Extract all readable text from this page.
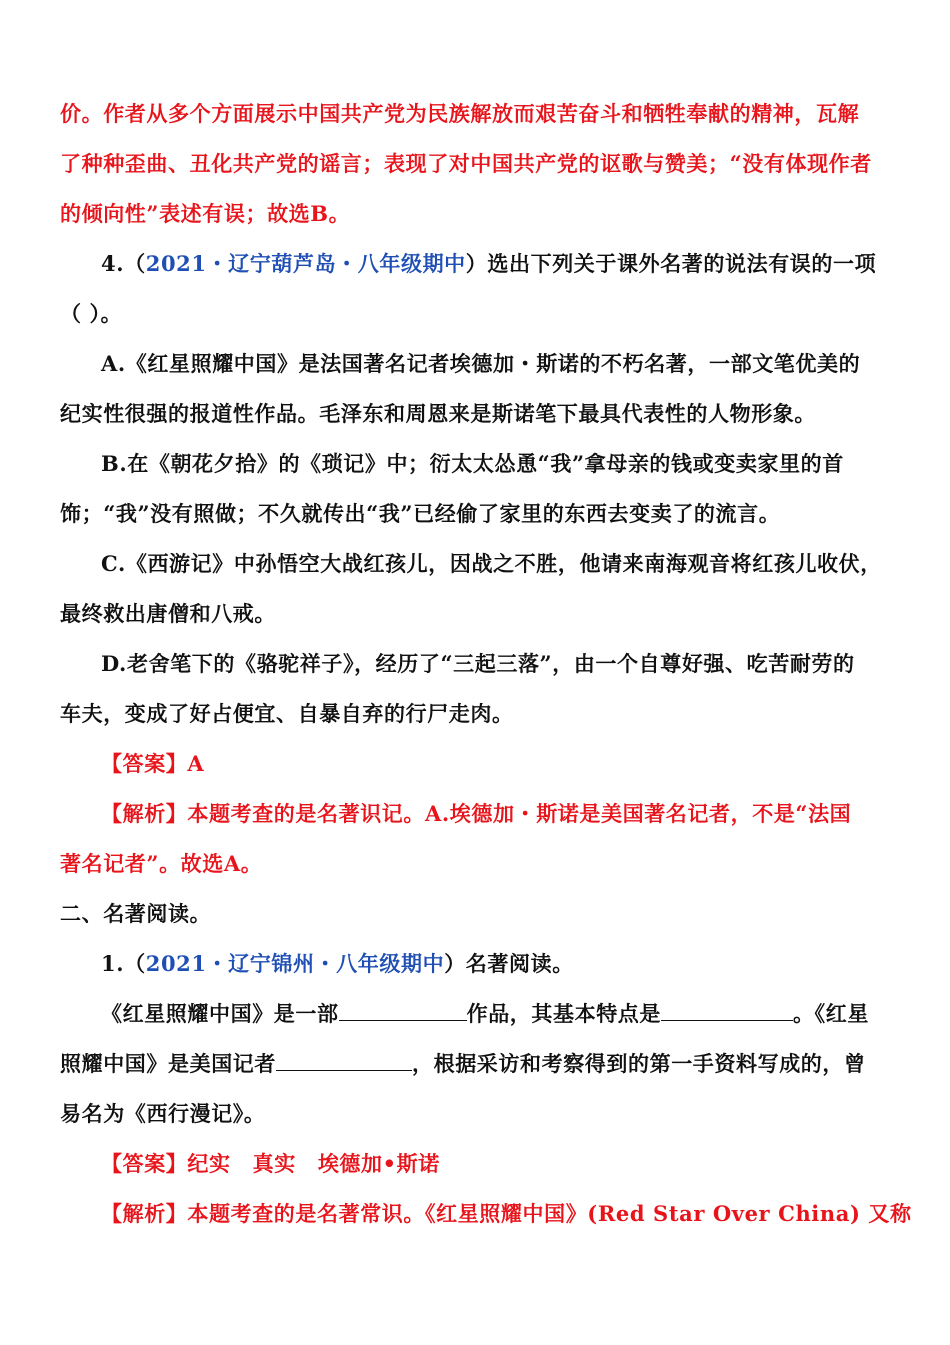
价。作者从多个方面展示中国共产党为民族解放而艰苦奋斗和牺牲奉献的精神，瓦解
了种种歪曲、丑化共产党的谣言；表现了对中国共产党的讴歌与赞美；“没有体现作者
的倾向性”表述有误；故选B。
4.（2021・辽宁葫芦岛・八年级期中）选出下列关于课外名著的说法有误的一项
（ ）。
A.《红星照耀中国》是法国著名记者埃德加・斯诺的不朽名著，一部文笔优美的
纪实性很强的报道性作品。毛泽东和周恩来是斯诺笔下最具代表性的人物形象。
B.在《朝花夕拾》的《琐记》中；衍太太怂恿“我”拿母亲的钱或变卖家里的首
饰；“我”没有照做；不久就传出“我”已经偷了家里的东西去变卖了的流言。
C.《西游记》中孙悟空大战红孩儿，因战之不胜，他请来南海观音将红孩儿收伏，
最终救出唐僧和八戒。
D.老舍笔下的《骆驼祥子》，经历了“三起三落”，由一个自尊好强、吃苦耐劳的
车夫，变成了好占便宜、自暴自弃的行尸走肉。
【答案】A
【解析】本题考查的是名著识记。A.埃德加・斯诺是美国著名记者，不是“法国
著名记者”。故选A。
二、名著阅读。
1.（2021・辽宁锦州・八年级期中）名著阅读。
《红星照耀中国》是一部	作品，其基本特点是	。《红星
照耀中国》是美国记者	，根据采访和考察得到的第一手资料写成的，曾
易名为《西行漫记》。
【答案】纪实 真实 埃德加•斯诺
【解析】本题考查的是名著常识。《红星照耀中国》(Red Star Over China) 又称
